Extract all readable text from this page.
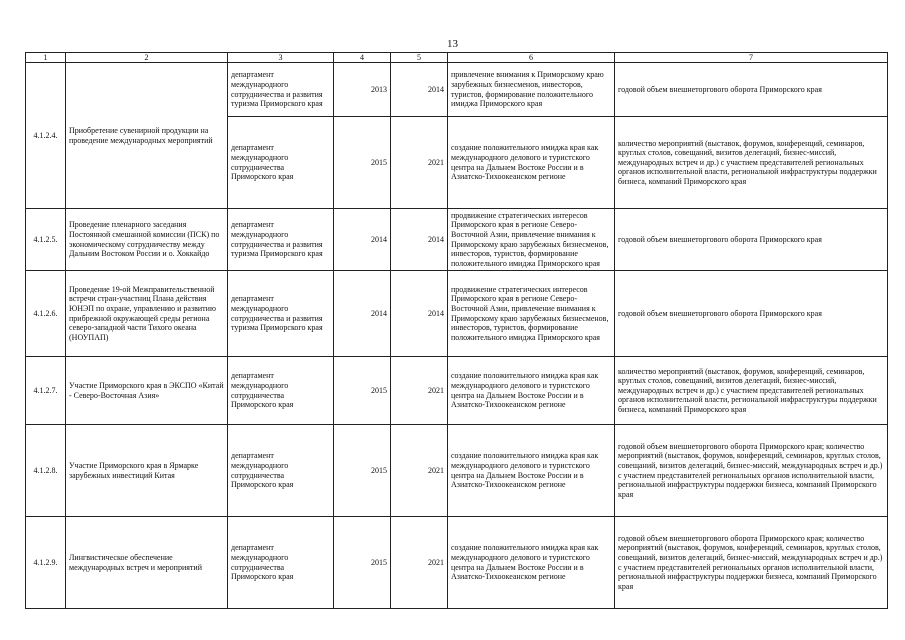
13
1	2	3	4	5	6	7
4.1.2.4.	Приобретение сувенирной продукции на проведение международных мероприятий	департамент международного сотрудничества и развития туризма Приморского края	2013	2014	привлечение внимания к Приморскому краю зарубежных бизнесменов, инвесторов, туристов, формирование положительного имиджа Приморского края	годовой объем внешнеторгового оборота Приморского края
		департамент международного сотрудничества Приморского края	2015	2021	создание положительного имиджа края как международного делового и туристского центра на Дальнем Востоке России и в Азиатско-Тихоокеанском регионе	количество мероприятий (выставок, форумов, конференций, семинаров, круглых столов, совещаний, визитов делегаций, бизнес-миссий, международных встреч и др.) с участием представителей региональных органов исполнительной власти, региональной инфраструктуры поддержки бизнеса, компаний Приморского края
4.1.2.5.	Проведение пленарного заседания Постоянной смешанной комиссии (ПСК) по экономическому сотрудничеству между Дальним Востоком России и о. Хоккайдо	департамент международного сотрудничества и развития туризма Приморского края	2014	2014	продвижение стратегических интересов Приморского края в регионе Северо-Восточной Азии, привлечение внимания к Приморскому краю зарубежных бизнесменов, инвесторов, туристов, формирование положительного имиджа Приморского края	годовой объем внешнеторгового оборота Приморского края
4.1.2.6.	Проведение 19-ой Межправительственной встречи стран-участниц Плана действия ЮНЭП по охране, управлению и развитию прибрежной окружающей среды региона северо-западной части Тихого океана (НОУПАП)	департамент международного сотрудничества и развития туризма Приморского края	2014	2014	продвижение стратегических интересов Приморского края в регионе Северо-Восточной Азии, привлечение внимания к Приморскому краю зарубежных бизнесменов, инвесторов, туристов, формирование положительного имиджа Приморского края	годовой объем внешнеторгового оборота Приморского края
4.1.2.7.	Участие Приморского края в ЭКСПО «Китай - Северо-Восточная Азия»	департамент международного сотрудничества Приморского края	2015	2021	создание положительного имиджа края как международного делового и туристского центра на Дальнем Востоке России и в Азиатско-Тихоокеанском регионе	количество мероприятий (выставок, форумов, конференций, семинаров, круглых столов, совещаний, визитов делегаций, бизнес-миссий, международных встреч и др.) с участием представителей региональных органов исполнительной власти, региональной инфраструктуры поддержки бизнеса, компаний Приморского края
4.1.2.8.	Участие Приморского края в Ярмарке зарубежных инвестиций Китая	департамент международного сотрудничества Приморского края	2015	2021	создание положительного имиджа края как международного делового и туристского центра на Дальнем Востоке России и в Азиатско-Тихоокеанском регионе	годовой объем внешнеторгового оборота Приморского края; количество мероприятий (выставок, форумов, конференций, семинаров, круглых столов, совещаний, визитов делегаций, бизнес-миссий, международных встреч и др.) с участием представителей региональных органов исполнительной власти, региональной инфраструктуры поддержки бизнеса, компаний Приморского края
4.1.2.9.	Лингвистическое обеспечение международных встреч и мероприятий	департамент международного сотрудничества Приморского края	2015	2021	создание положительного имиджа края как международного делового и туристского центра на Дальнем Востоке России и в Азиатско-Тихоокеанском регионе	годовой объем внешнеторгового оборота Приморского края; количество мероприятий (выставок, форумов, конференций, семинаров, круглых столов, совещаний, визитов делегаций, бизнес-миссий, международных встреч и др.) с участием представителей региональных органов исполнительной власти, региональной инфраструктуры поддержки бизнеса, компаний Приморского края
